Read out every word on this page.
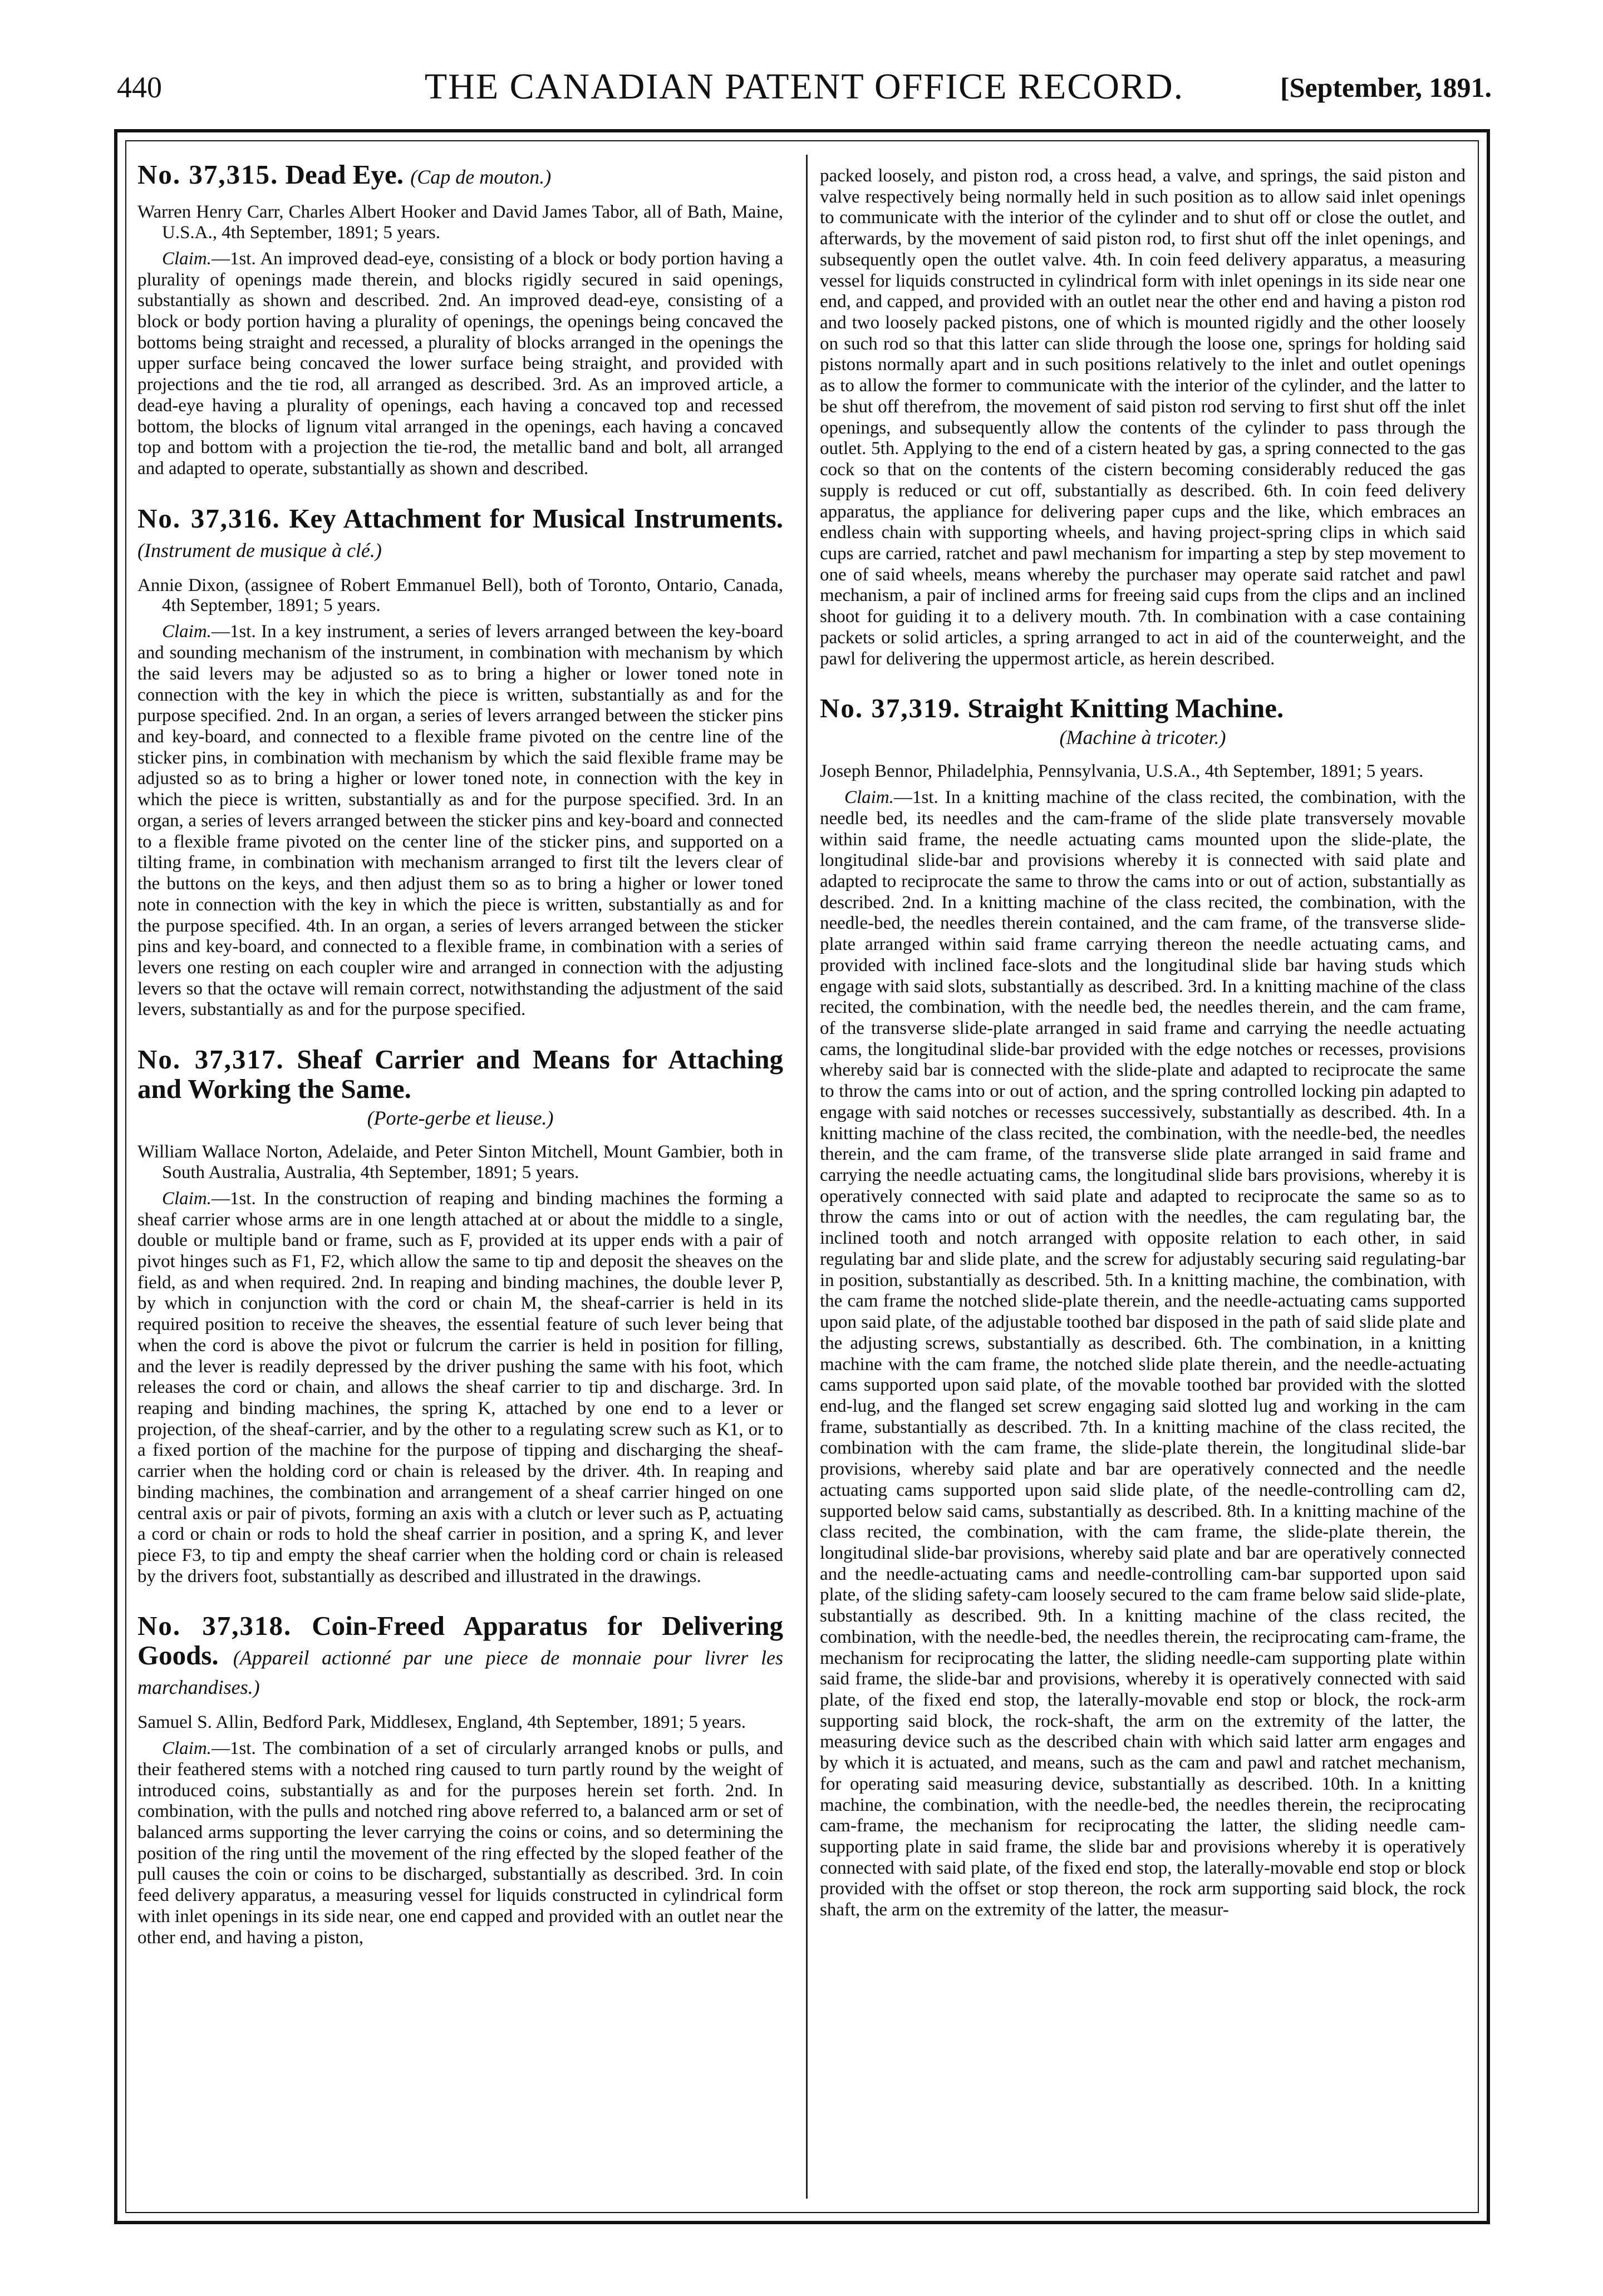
440	THE CANADIAN PATENT OFFICE RECORD.	[September, 1891.

No. 37,315. Dead Eye. (Cap de mouton.)

Warren Henry Carr, Charles Albert Hooker and David James Tabor, all of Bath, Maine, U.S.A., 4th September, 1891; 5 years.

Claim.—1st. An improved dead-eye, consisting of a block or body portion having a plurality of openings made therein, and blocks rigidly secured in said openings, substantially as shown and described. 2nd. An improved dead-eye, consisting of a block or body portion having a plurality of openings, the openings being concaved the bottoms being straight and recessed, a plurality of blocks arranged in the openings the upper surface being concaved the lower surface being straight, and provided with projections and the tie rod, all arranged as described. 3rd. As an improved article, a dead-eye having a plurality of openings, each having a concaved top and recessed bottom, the blocks of lignum vital arranged in the openings, each having a concaved top and bottom with a projection the tie-rod, the metallic band and bolt, all arranged and adapted to operate, substantially as shown and described.

No. 37,316. Key Attachment for Musical Instruments. (Instrument de musique à clé.)

Annie Dixon, (assignee of Robert Emmanuel Bell), both of Toronto, Ontario, Canada, 4th September, 1891; 5 years.

Claim.—1st. In a key instrument, a series of levers arranged between the key-board and sounding mechanism of the instrument, in combination with mechanism by which the said levers may be adjusted so as to bring a higher or lower toned note in connection with the key in which the piece is written, substantially as and for the purpose specified. 2nd. In an organ, a series of levers arranged between the sticker pins and key-board, and connected to a flexible frame pivoted on the centre line of the sticker pins, in combination with mechanism by which the said flexible frame may be adjusted so as to bring a higher or lower toned note, in connection with the key in which the piece is written, substantially as and for the purpose specified. 3rd. In an organ, a series of levers arranged between the sticker pins and key-board and connected to a flexible frame pivoted on the center line of the sticker pins, and supported on a tilting frame, in combination with mechanism arranged to first tilt the levers clear of the buttons on the keys, and then adjust them so as to bring a higher or lower toned note in connection with the key in which the piece is written, substantially as and for the purpose specified. 4th. In an organ, a series of levers arranged between the sticker pins and key-board, and connected to a flexible frame, in combination with a series of levers one resting on each coupler wire and arranged in connection with the adjusting levers so that the octave will remain correct, notwithstanding the adjustment of the said levers, substantially as and for the purpose specified.

No. 37,317. Sheaf Carrier and Means for Attaching and Working the Same.

(Porte-gerbe et lieuse.)

William Wallace Norton, Adelaide, and Peter Sinton Mitchell, Mount Gambier, both in South Australia, Australia, 4th September, 1891; 5 years.

Claim.—1st. In the construction of reaping and binding machines the forming a sheaf carrier whose arms are in one length attached at or about the middle to a single, double or multiple band or frame, such as F, provided at its upper ends with a pair of pivot hinges such as F1, F2, which allow the same to tip and deposit the sheaves on the field, as and when required. 2nd. In reaping and binding machines, the double lever P, by which in conjunction with the cord or chain M, the sheaf-carrier is held in its required position to receive the sheaves, the essential feature of such lever being that when the cord is above the pivot or fulcrum the carrier is held in position for filling, and the lever is readily depressed by the driver pushing the same with his foot, which releases the cord or chain, and allows the sheaf carrier to tip and discharge. 3rd. In reaping and binding machines, the spring K, attached by one end to a lever or projection, of the sheaf-carrier, and by the other to a regulating screw such as K1, or to a fixed portion of the machine for the purpose of tipping and discharging the sheaf-carrier when the holding cord or chain is released by the driver. 4th. In reaping and binding machines, the combination and arrangement of a sheaf carrier hinged on one central axis or pair of pivots, forming an axis with a clutch or lever such as P, actuating a cord or chain or rods to hold the sheaf carrier in position, and a spring K, and lever piece F3, to tip and empty the sheaf carrier when the holding cord or chain is released by the drivers foot, substantially as described and illustrated in the drawings.

No. 37,318. Coin-Freed Apparatus for Delivering Goods. (Appareil actionné par une piece de monnaie pour livrer les marchandises.)

Samuel S. Allin, Bedford Park, Middlesex, England, 4th September, 1891; 5 years.

Claim.—1st. The combination of a set of circularly arranged knobs or pulls, and their feathered stems with a notched ring caused to turn partly round by the weight of introduced coins, substantially as and for the purposes herein set forth. 2nd. In combination, with the pulls and notched ring above referred to, a balanced arm or set of balanced arms supporting the lever carrying the coins or coins, and so determining the position of the ring until the movement of the ring effected by the sloped feather of the pull causes the coin or coins to be discharged, substantially as described. 3rd. In coin feed delivery apparatus, a measuring vessel for liquids constructed in cylindrical form with inlet openings in its side near, one end capped and provided with an outlet near the other end, and having a piston,

packed loosely, and piston rod, a cross head, a valve, and springs, the said piston and valve respectively being normally held in such position as to allow said inlet openings to communicate with the interior of the cylinder and to shut off or close the outlet, and afterwards, by the movement of said piston rod, to first shut off the inlet openings, and subsequently open the outlet valve. 4th. In coin feed delivery apparatus, a measuring vessel for liquids constructed in cylindrical form with inlet openings in its side near one end, and capped, and provided with an outlet near the other end and having a piston rod and two loosely packed pistons, one of which is mounted rigidly and the other loosely on such rod so that this latter can slide through the loose one, springs for holding said pistons normally apart and in such positions relatively to the inlet and outlet openings as to allow the former to communicate with the interior of the cylinder, and the latter to be shut off therefrom, the movement of said piston rod serving to first shut off the inlet openings, and subsequently allow the contents of the cylinder to pass through the outlet. 5th. Applying to the end of a cistern heated by gas, a spring connected to the gas cock so that on the contents of the cistern becoming considerably reduced the gas supply is reduced or cut off, substantially as described. 6th. In coin feed delivery apparatus, the appliance for delivering paper cups and the like, which embraces an endless chain with supporting wheels, and having project-spring clips in which said cups are carried, ratchet and pawl mechanism for imparting a step by step movement to one of said wheels, means whereby the purchaser may operate said ratchet and pawl mechanism, a pair of inclined arms for freeing said cups from the clips and an inclined shoot for guiding it to a delivery mouth. 7th. In combination with a case containing packets or solid articles, a spring arranged to act in aid of the counterweight, and the pawl for delivering the uppermost article, as herein described.

No. 37,319. Straight Knitting Machine.

(Machine à tricoter.)

Joseph Bennor, Philadelphia, Pennsylvania, U.S.A., 4th September, 1891; 5 years.

Claim.—1st. In a knitting machine of the class recited, the combination, with the needle bed, its needles and the cam-frame of the slide plate transversely movable within said frame, the needle actuating cams mounted upon the slide-plate, the longitudinal slide-bar and provisions whereby it is connected with said plate and adapted to reciprocate the same to throw the cams into or out of action, substantially as described. 2nd. In a knitting machine of the class recited, the combination, with the needle-bed, the needles therein contained, and the cam frame, of the transverse slide-plate arranged within said frame carrying thereon the needle actuating cams, and provided with inclined face-slots and the longitudinal slide bar having studs which engage with said slots, substantially as described. 3rd. In a knitting machine of the class recited, the combination, with the needle bed, the needles therein, and the cam frame, of the transverse slide-plate arranged in said frame and carrying the needle actuating cams, the longitudinal slide-bar provided with the edge notches or recesses, provisions whereby said bar is connected with the slide-plate and adapted to reciprocate the same to throw the cams into or out of action, and the spring controlled locking pin adapted to engage with said notches or recesses successively, substantially as described. 4th. In a knitting machine of the class recited, the combination, with the needle-bed, the needles therein, and the cam frame, of the transverse slide plate arranged in said frame and carrying the needle actuating cams, the longitudinal slide bars provisions, whereby it is operatively connected with said plate and adapted to reciprocate the same so as to throw the cams into or out of action with the needles, the cam regulating bar, the inclined tooth and notch arranged with opposite relation to each other, in said regulating bar and slide plate, and the screw for adjustably securing said regulating-bar in position, substantially as described. 5th. In a knitting machine, the combination, with the cam frame the notched slide-plate therein, and the needle-actuating cams supported upon said plate, of the adjustable toothed bar disposed in the path of said slide plate and the adjusting screws, substantially as described. 6th. The combination, in a knitting machine with the cam frame, the notched slide plate therein, and the needle-actuating cams supported upon said plate, of the movable toothed bar provided with the slotted end-lug, and the flanged set screw engaging said slotted lug and working in the cam frame, substantially as described. 7th. In a knitting machine of the class recited, the combination with the cam frame, the slide-plate therein, the longitudinal slide-bar provisions, whereby said plate and bar are operatively connected and the needle actuating cams supported upon said slide plate, of the needle-controlling cam d2, supported below said cams, substantially as described. 8th. In a knitting machine of the class recited, the combination, with the cam frame, the slide-plate therein, the longitudinal slide-bar provisions, whereby said plate and bar are operatively connected and the needle-actuating cams and needle-controlling cam-bar supported upon said plate, of the sliding safety-cam loosely secured to the cam frame below said slide-plate, substantially as described. 9th. In a knitting machine of the class recited, the combination, with the needle-bed, the needles therein, the reciprocating cam-frame, the mechanism for reciprocating the latter, the sliding needle-cam supporting plate within said frame, the slide-bar and provisions, whereby it is operatively connected with said plate, of the fixed end stop, the laterally-movable end stop or block, the rock-arm supporting said block, the rock-shaft, the arm on the extremity of the latter, the measuring device such as the described chain with which said latter arm engages and by which it is actuated, and means, such as the cam and pawl and ratchet mechanism, for operating said measuring device, substantially as described. 10th. In a knitting machine, the combination, with the needle-bed, the needles therein, the reciprocating cam-frame, the mechanism for reciprocating the latter, the sliding needle cam-supporting plate in said frame, the slide bar and provisions whereby it is operatively connected with said plate, of the fixed end stop, the laterally-movable end stop or block provided with the offset or stop thereon, the rock arm supporting said block, the rock shaft, the arm on the extremity of the latter, the measur-
